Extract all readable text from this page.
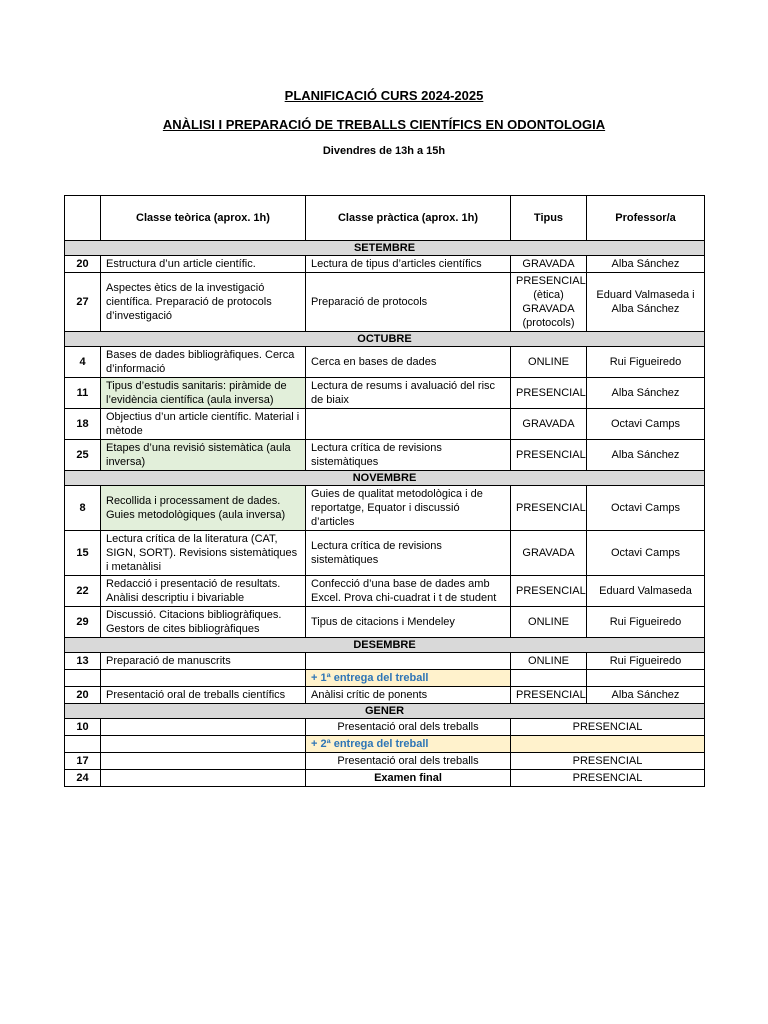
PLANIFICACIÓ CURS 2024-2025
ANÀLISI I PREPARACIÓ DE TREBALLS CIENTÍFICS EN ODONTOLOGIA
Divendres de 13h a 15h
	Classe teòrica (aprox. 1h)	Classe pràctica (aprox. 1h)	Tipus	Professor/a
SETEMBRE				
20	Estructura d’un article científic.	Lectura de tipus d’articles científics	GRAVADA	Alba Sánchez
27	Aspectes ètics de la investigació científica. Preparació de protocols d’investigació	Preparació de protocols	PRESENCIAL (ètica) GRAVADA (protocols)	Eduard Valmaseda i Alba Sánchez
OCTUBRE				
4	Bases de dades bibliogràfiques. Cerca d’informació	Cerca en bases de dades	ONLINE	Rui Figueiredo
11	Tipus d’estudis sanitaris: piràmide de l’evidència científica (aula inversa)	Lectura de resums i avaluació del risc de biaix	PRESENCIAL	Alba Sánchez
18	Objectius d’un article científic. Material i mètode		GRAVADA	Octavi Camps
25	Etapes d’una revisió sistemàtica (aula inversa)	Lectura crítica de revisions sistemàtiques	PRESENCIAL	Alba Sánchez
NOVEMBRE				
8	Recollida i processament de dades. Guies metodològiques (aula inversa)	Guies de qualitat metodològica i de reportatge, Equator i discussió d’articles	PRESENCIAL	Octavi Camps
15	Lectura crítica de la literatura (CAT, SIGN, SORT). Revisions sistemàtiques i metanàlisi	Lectura crítica de revisions sistemàtiques	GRAVADA	Octavi Camps
22	Redacció i presentació de resultats. Anàlisi descriptiu i bivariable	Confecció d’una base de dades amb Excel. Prova chi-cuadrat i t de student	PRESENCIAL	Eduard Valmaseda
29	Discussió. Citacions bibliogràfiques. Gestors de cites bibliogràfiques	Tipus de citacions i Mendeley	ONLINE	Rui Figueiredo
DESEMBRE				
13	Preparació de manuscrits		ONLINE	Rui Figueiredo
		+ 1ª entrega del treball		
20	Presentació oral de treballs científics	Anàlisi crític de ponents	PRESENCIAL	Alba Sánchez
GENER				
10		Presentació oral dels treballs	PRESENCIAL	
		+ 2ª entrega del treball		
17		Presentació oral dels treballs	PRESENCIAL	
24		Examen final	PRESENCIAL	
